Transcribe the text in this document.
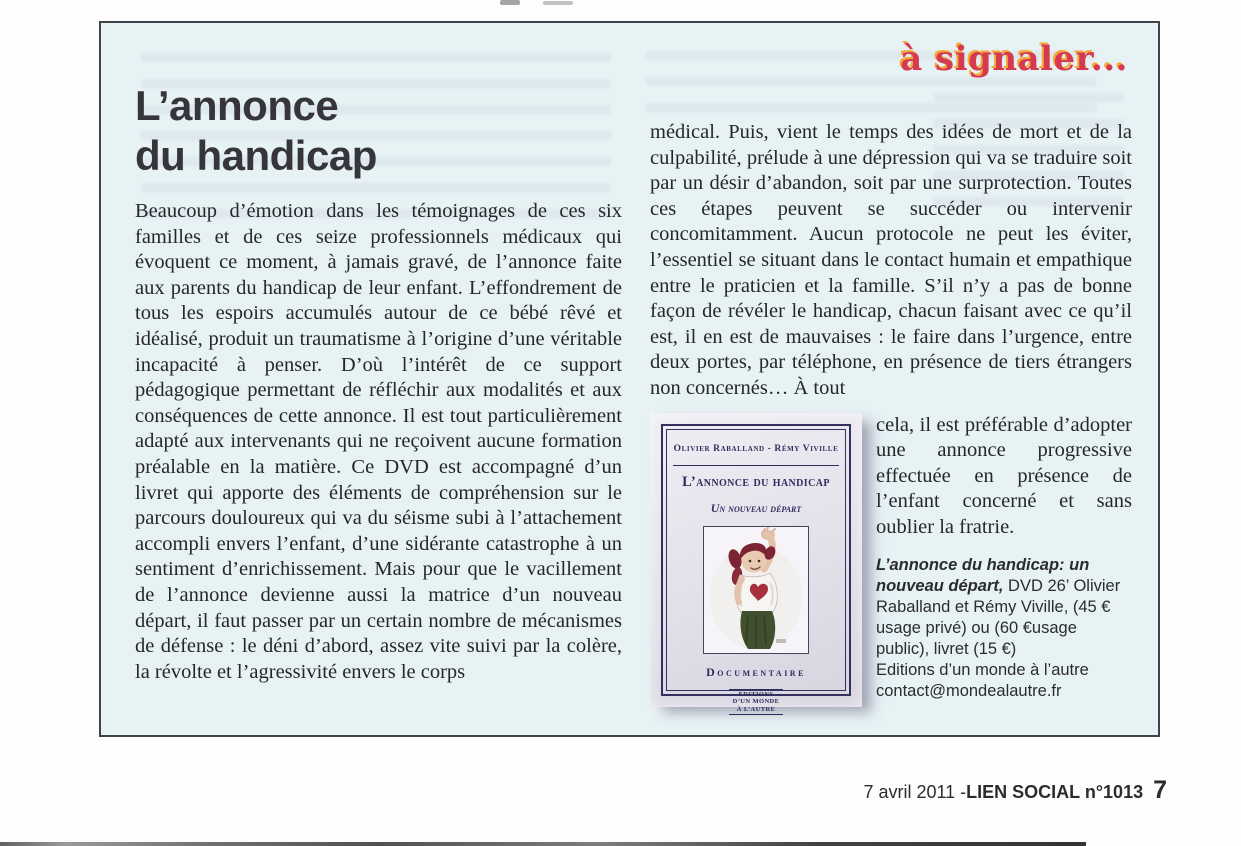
à signaler...
L’annonce
du handicap
Beaucoup d’émotion dans les témoignages de ces six familles et de ces seize professionnels médicaux qui évoquent ce moment, à jamais gravé, de l’annonce faite aux parents du handicap de leur enfant. L’effondrement de tous les espoirs accumulés autour de ce bébé rêvé et idéalisé, produit un traumatisme à l’origine d’une véritable incapacité à penser. D’où l’intérêt de ce support pédagogique permettant de réfléchir aux modalités et aux conséquences de cette annonce. Il est tout particulièrement adapté aux intervenants qui ne reçoivent aucune formation préalable en la matière. Ce DVD est accompagné d’un livret qui apporte des éléments de compréhension sur le parcours douloureux qui va du séisme subi à l’attachement accompli envers l’enfant, d’une sidérante catastrophe à un sentiment d’enrichissement. Mais pour que le vacillement de l’annonce devienne aussi la matrice d’un nouveau départ, il faut passer par un certain nombre de mécanismes de défense : le déni d’abord, assez vite suivi par la colère, la révolte et l’agressivité envers le corps

médical. Puis, vient le temps des idées de mort et de la culpabilité, prélude à une dépression qui va se traduire soit par un désir d’abandon, soit par une surprotection. Toutes ces étapes peuvent se succéder ou intervenir concomitamment. Aucun protocole ne peut les éviter, l’essentiel se situant dans le contact humain et empathique entre le praticien et la famille. S’il n’y a pas de bonne façon de révéler le handicap, chacun faisant avec ce qu’il est, il en est de mauvaises : le faire dans l’urgence, entre deux portes, par téléphone, en présence de tiers étrangers non concernés… À tout

Olivier Raballand - Rémy Viville
L’annonce du handicap
Un nouveau départ
Documentaire
ÉDITIONS
D’UN MONDE
À L’AUTRE

cela, il est préférable d’adopter une annonce progressive effectuée en présence de l’enfant concerné et sans oublier la fratrie.

L’annonce du handicap: un nouveau départ, DVD 26’ Olivier Raballand et Rémy Viville, (45 € usage privé) ou (60 €usage public), livret (15 €)
Editions d’un monde à l’autre
contact@mondealautre.fr
7 avril 2011 - LIEN SOCIAL n°1013 7
